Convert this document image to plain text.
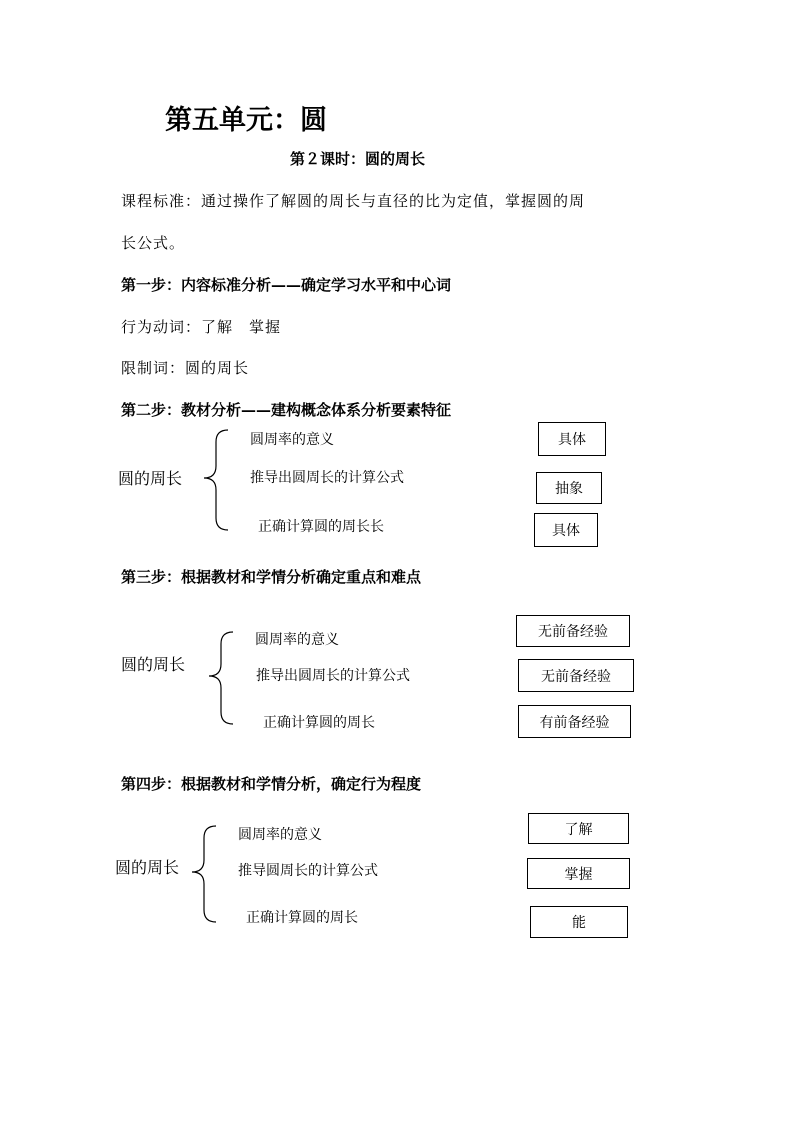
第五单元：圆
第２课时：圆的周长
课程标准：通过操作了解圆的周长与直径的比为定值，掌握圆的周
长公式。
第一步：内容标准分析——确定学习水平和中心词
行为动词：了解　掌握
限制词：圆的周长
第二步：教材分析——建构概念体系分析要素特征
圆的周长
圆周率的意义
推导出圆周长的计算公式
正确计算圆的周长长
具体
抽象
具体
第三步：根据教材和学情分析确定重点和难点
圆的周长
圆周率的意义
推导出圆周长的计算公式
正确计算圆的周长
无前备经验
无前备经验
有前备经验
第四步：根据教材和学情分析，确定行为程度
圆的周长
圆周率的意义
推导圆周长的计算公式
正确计算圆的周长
了解
掌握
能
